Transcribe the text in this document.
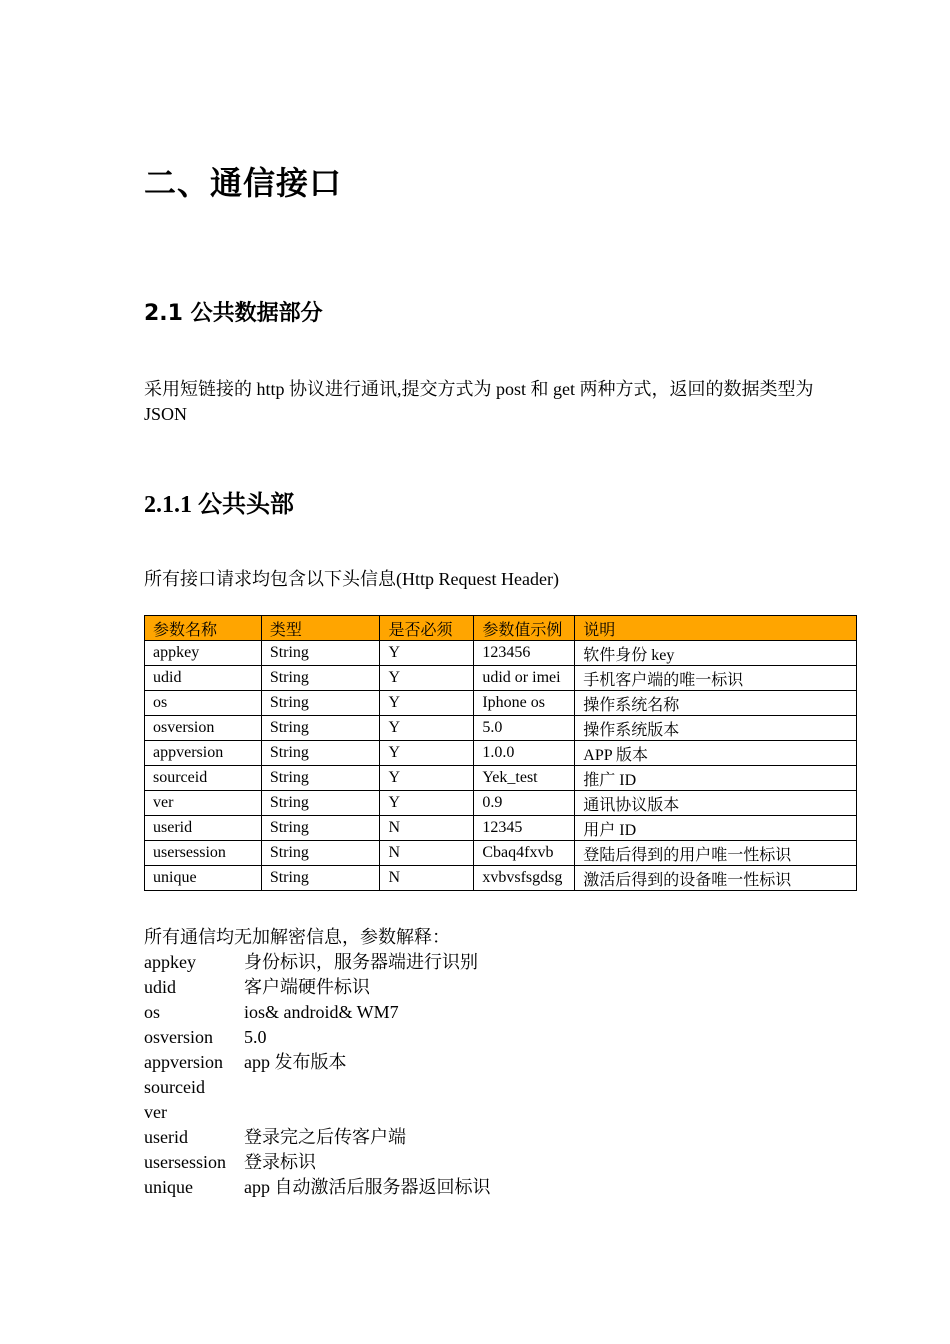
二、通信接口
2.1 公共数据部分

采用短链接的 http 协议进行通讯,提交方式为 post 和 get 两种方式，返回的数据类型为 JSON

2.1.1 公共头部

所有接口请求均包含以下头信息(Http Request Header)

参数名称	类型	是否必须	参数值示例	说明
appkey	String	Y	123456	软件身份 key
udid	String	Y	udid or imei	手机客户端的唯一标识
os	String	Y	Iphone os	操作系统名称
osversion	String	Y	5.0	操作系统版本
appversion	String	Y	1.0.0	APP 版本
sourceid	String	Y	Yek_test	推广 ID
ver	String	Y	0.9	通讯协议版本
userid	String	N	12345	用户 ID
usersession	String	N	Cbaq4fxvb	登陆后得到的用户唯一性标识
unique	String	N	xvbvsfsgdsg	激活后得到的设备唯一性标识

所有通信均无加解密信息，参数解释：

appkey	身份标识，服务器端进行识别
udid	客户端硬件标识
os	ios& android& WM7
osversion	5.0
appversion	app 发布版本
sourceid
ver
userid	登录完之后传客户端
usersession	登录标识
unique	app 自动激活后服务器返回标识
